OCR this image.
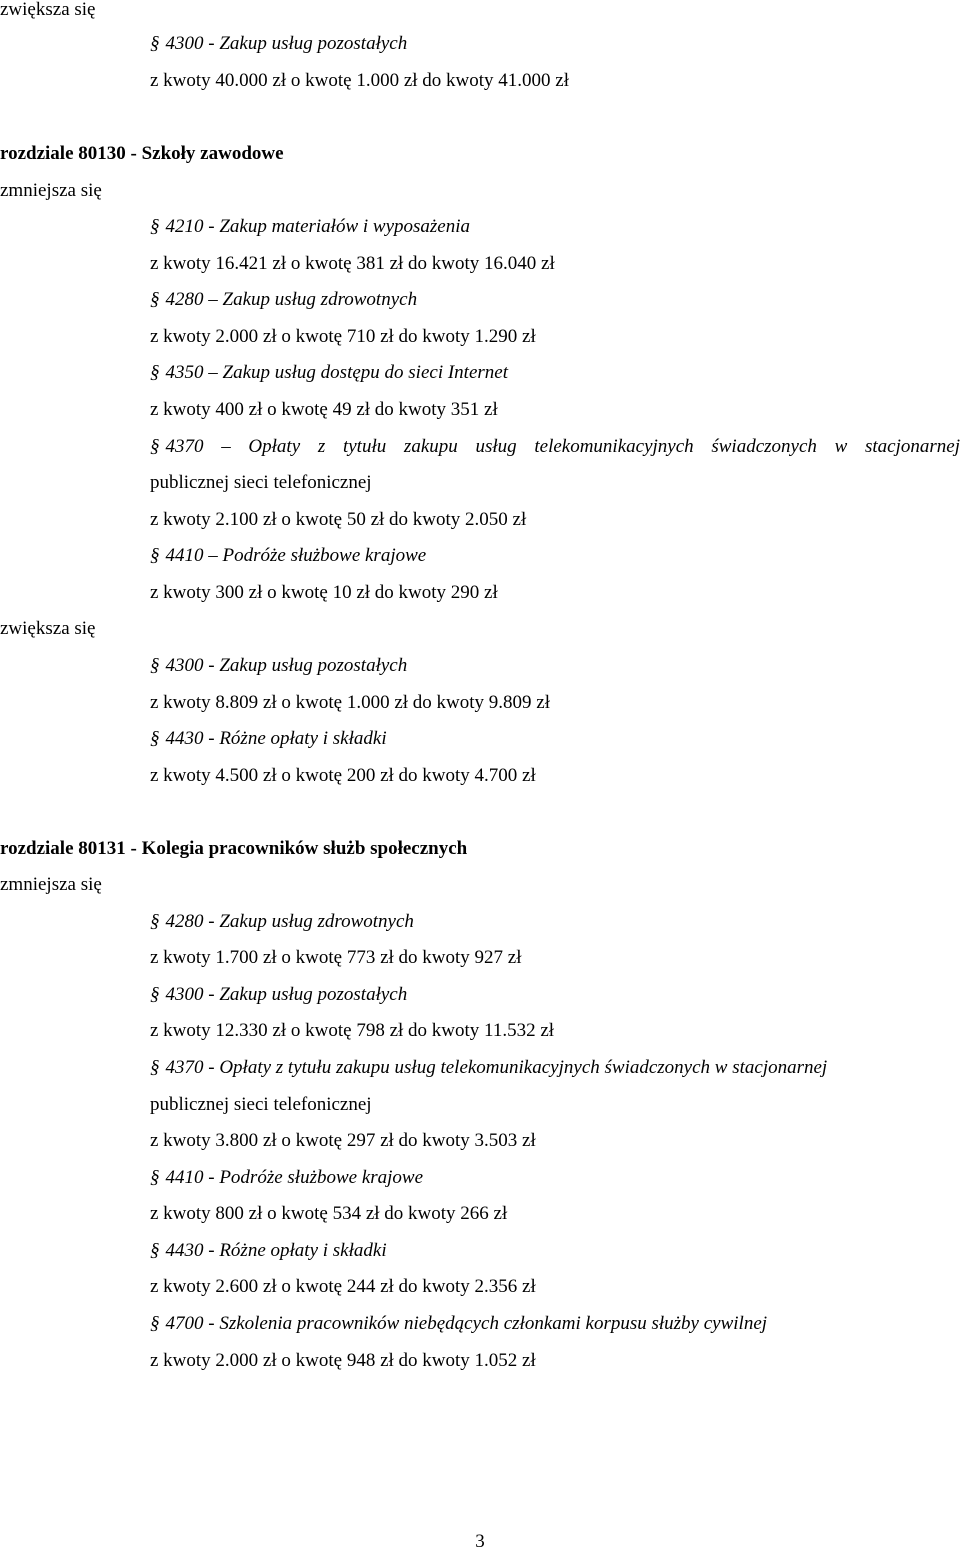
zwiększa się
§ 4300 - Zakup usług pozostałych
z kwoty 40.000 zł o kwotę 1.000 zł do kwoty 41.000 zł
rozdziale 80130 - Szkoły zawodowe
zmniejsza się
§ 4210 - Zakup materiałów i wyposażenia
z kwoty 16.421 zł o kwotę 381 zł do kwoty 16.040 zł
§ 4280 – Zakup usług zdrowotnych
z kwoty 2.000 zł o kwotę 710 zł do kwoty 1.290 zł
§ 4350 – Zakup usług dostępu do sieci Internet
z kwoty 400 zł o kwotę 49 zł do kwoty 351 zł
§ 4370 – Opłaty z tytułu zakupu usług telekomunikacyjnych świadczonych w stacjonarnej
publicznej sieci telefonicznej
z kwoty 2.100 zł o kwotę 50 zł do kwoty 2.050 zł
§ 4410 – Podróże służbowe krajowe
z kwoty 300 zł o kwotę 10 zł do kwoty 290 zł
zwiększa się
§ 4300 - Zakup usług pozostałych
z kwoty 8.809 zł o kwotę 1.000 zł do kwoty 9.809 zł
§ 4430 - Różne opłaty i składki
z kwoty 4.500 zł o kwotę 200 zł do kwoty 4.700 zł
rozdziale 80131 - Kolegia pracowników służb społecznych
zmniejsza się
§ 4280 - Zakup usług zdrowotnych
z kwoty 1.700 zł o kwotę 773 zł do kwoty 927 zł
§ 4300 - Zakup usług pozostałych
z kwoty 12.330 zł o kwotę 798 zł do kwoty 11.532 zł
§ 4370 - Opłaty z tytułu zakupu usług telekomunikacyjnych świadczonych w stacjonarnej
publicznej sieci telefonicznej
z kwoty 3.800 zł o kwotę 297 zł do kwoty 3.503 zł
§ 4410 - Podróże służbowe krajowe
z kwoty 800 zł o kwotę 534 zł do kwoty 266 zł
§ 4430 - Różne opłaty i składki
z kwoty 2.600 zł o kwotę 244 zł do kwoty 2.356 zł
§ 4700 - Szkolenia pracowników niebędących członkami korpusu służby cywilnej
z kwoty 2.000 zł o kwotę 948 zł do kwoty 1.052 zł
3
